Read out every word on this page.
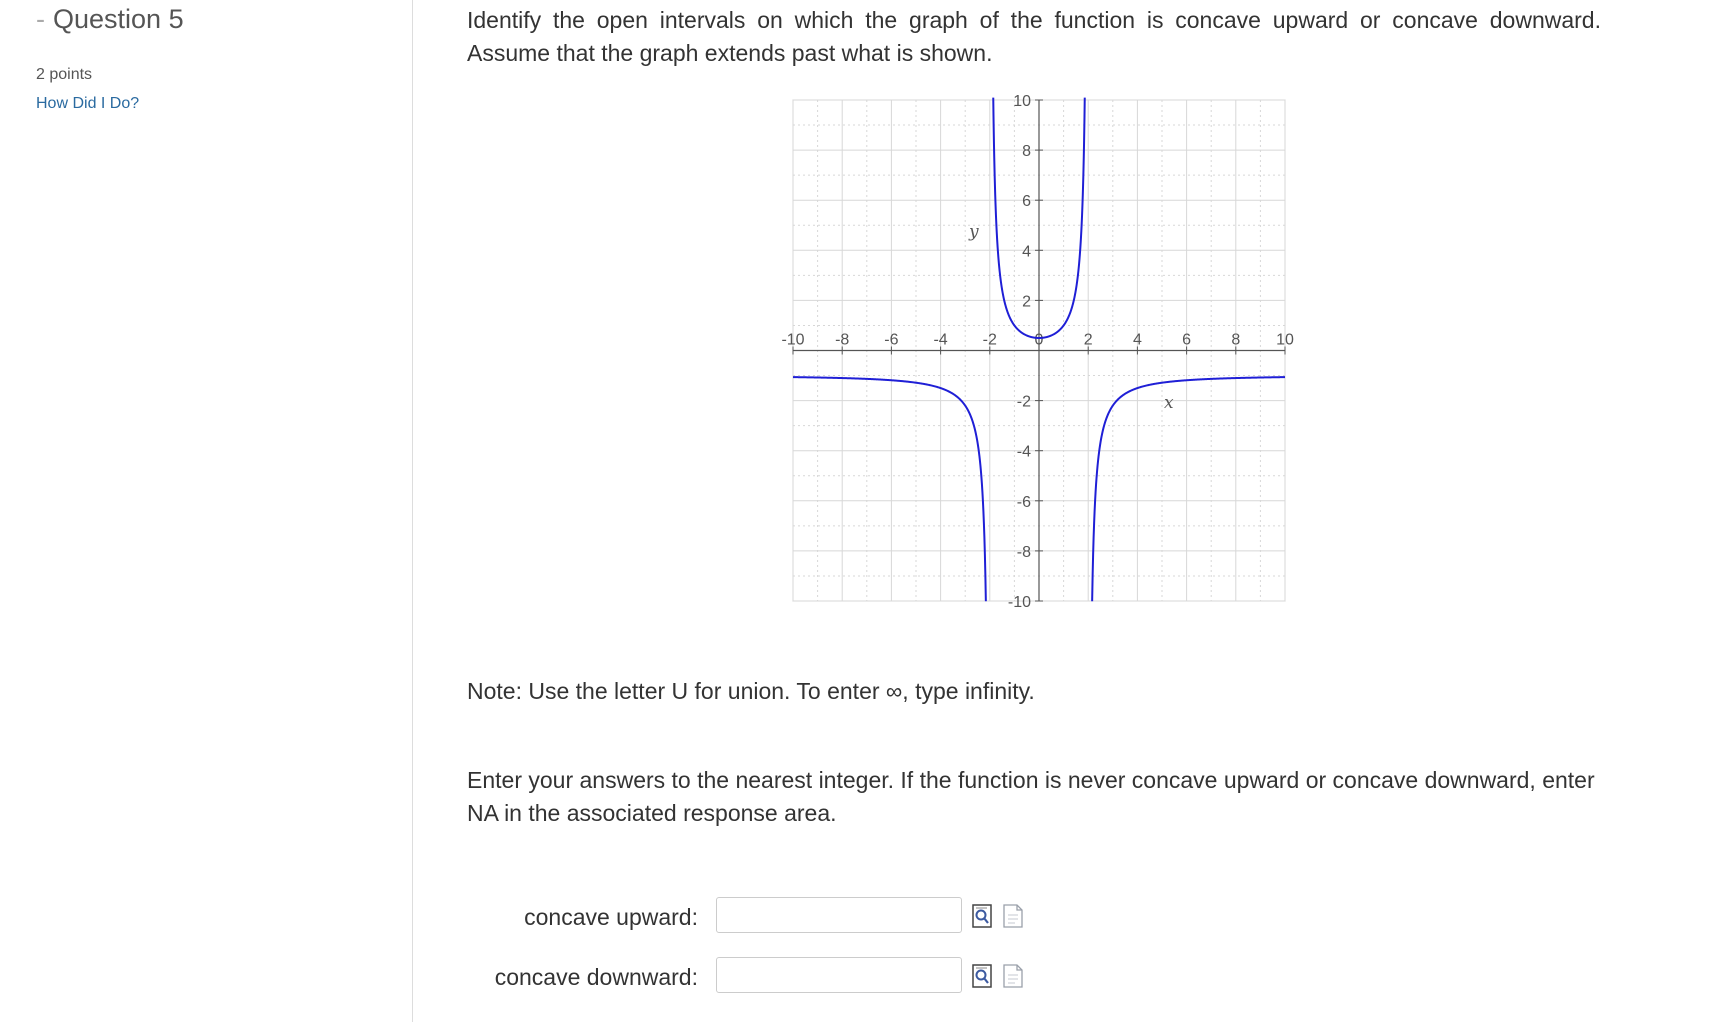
- Question 5
2 points
How Did I Do?
Identify the open intervals on which the graph of the function is concave upward or concave downward. Assume that the graph extends past what is shown.
-10 -8 -6 -4 -2 0	2	4	6	8 10
10
8
6
4
2
-2
-4
-6
-8
-10
x
y
Note: Use the letter U for union. To enter ∞, type infinity.
Enter your answers to the nearest integer. If the function is never concave upward or concave downward, enter NA in the associated response area.
concave upward:
concave downward:
